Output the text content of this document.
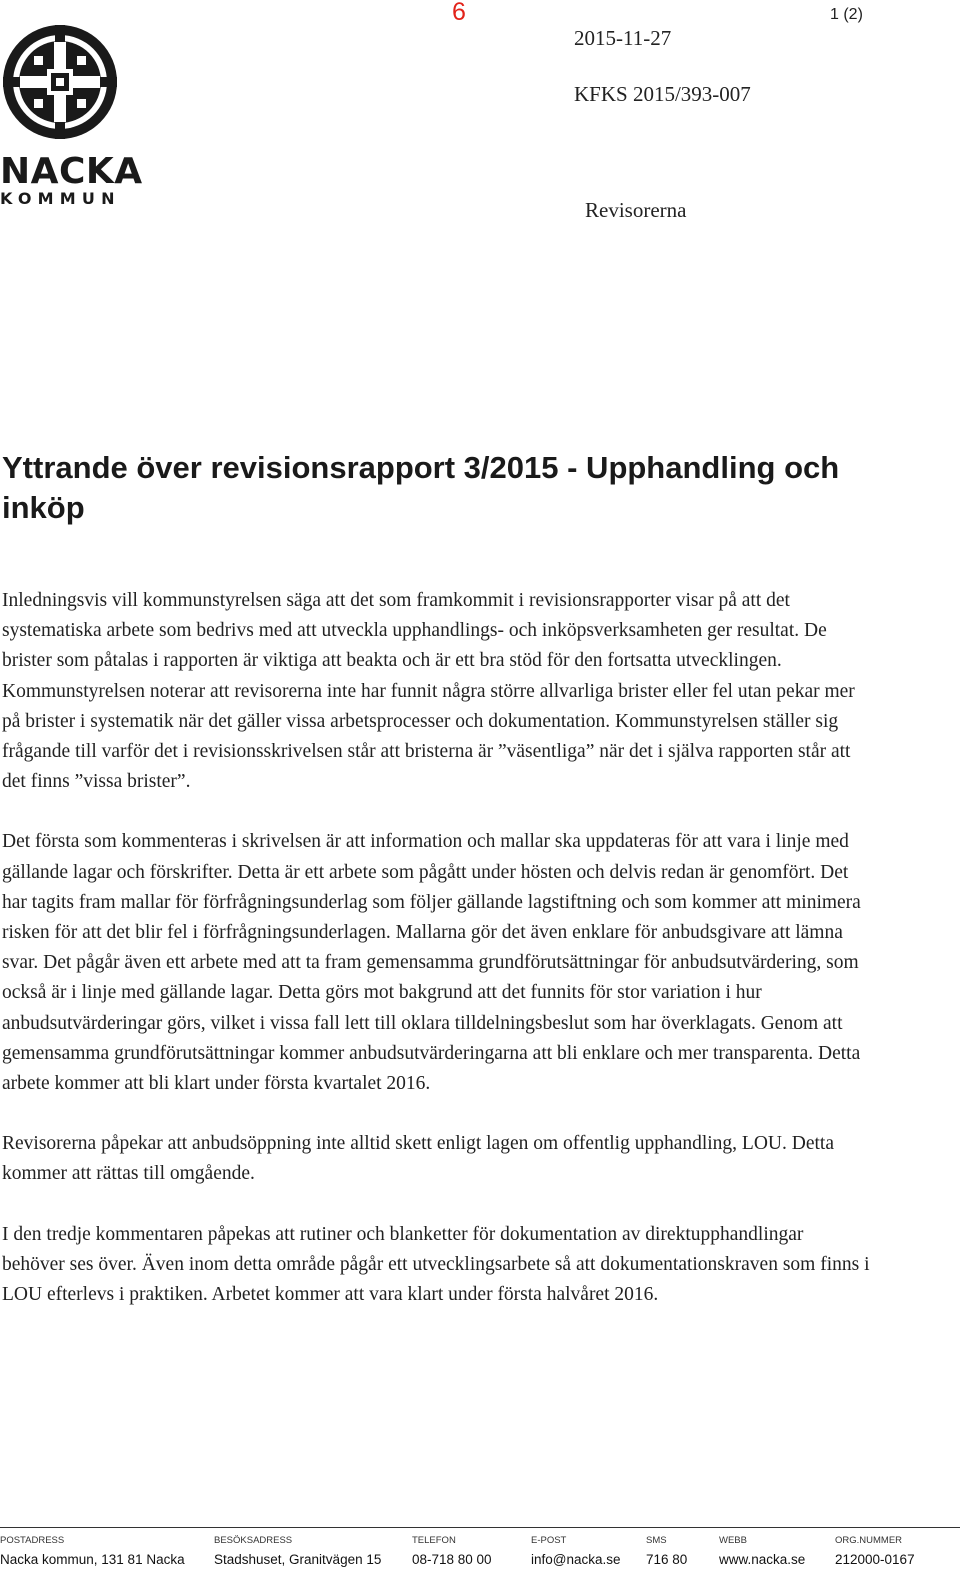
NACKA
KOMMUN
6	1 (2)
2015-11-27
KFKS 2015/393-007
Revisorerna
Yttrande över revisionsrapport 3/2015 - Upphandling och inköp

Inledningsvis vill kommunstyrelsen säga att det som framkommit i revisionsrapporter visar på att det systematiska arbete som bedrivs med att utveckla upphandlings- och inköpsverksamheten ger resultat. De brister som påtalas i rapporten är viktiga att beakta och är ett bra stöd för den fortsatta utvecklingen. Kommunstyrelsen noterar att revisorerna inte har funnit några större allvarliga brister eller fel utan pekar mer på brister i systematik när det gäller vissa arbetsprocesser och dokumentation. Kommunstyrelsen ställer sig frågande till varför det i revisionsskrivelsen står att bristerna är ”väsentliga” när det i själva rapporten står att det finns ”vissa brister”.

Det första som kommenteras i skrivelsen är att information och mallar ska uppdateras för att vara i linje med gällande lagar och förskrifter. Detta är ett arbete som pågått under hösten och delvis redan är genomfört. Det har tagits fram mallar för förfrågningsunderlag som följer gällande lagstiftning och som kommer att minimera risken för att det blir fel i förfrågningsunderlagen. Mallarna gör det även enklare för anbudsgivare att lämna svar. Det pågår även ett arbete med att ta fram gemensamma grundförutsättningar för anbudsutvärdering, som också är i linje med gällande lagar. Detta görs mot bakgrund att det funnits för stor variation i hur anbudsutvärderingar görs, vilket i vissa fall lett till oklara tilldelningsbeslut som har överklagats. Genom att gemensamma grundförutsättningar kommer anbudsutvärderingarna att bli enklare och mer transparenta. Detta arbete kommer att bli klart under första kvartalet 2016.

Revisorerna påpekar att anbudsöppning inte alltid skett enligt lagen om offentlig upphandling, LOU. Detta kommer att rättas till omgående.

I den tredje kommentaren påpekas att rutiner och blanketter för dokumentation av direktupphandlingar behöver ses över. Även inom detta område pågår ett utvecklingsarbete så att dokumentationskraven som finns i LOU efterlevs i praktiken. Arbetet kommer att vara klart under första halvåret 2016.

POSTADRESS
Nacka kommun, 131 81 Nacka
BESÖKSADRESS
Stadshuset, Granitvägen 15
TELEFON
08-718 80 00
E-POST
info@nacka.se
SMS
716 80
WEBB
www.nacka.se
ORG.NUMMER
212000-0167
